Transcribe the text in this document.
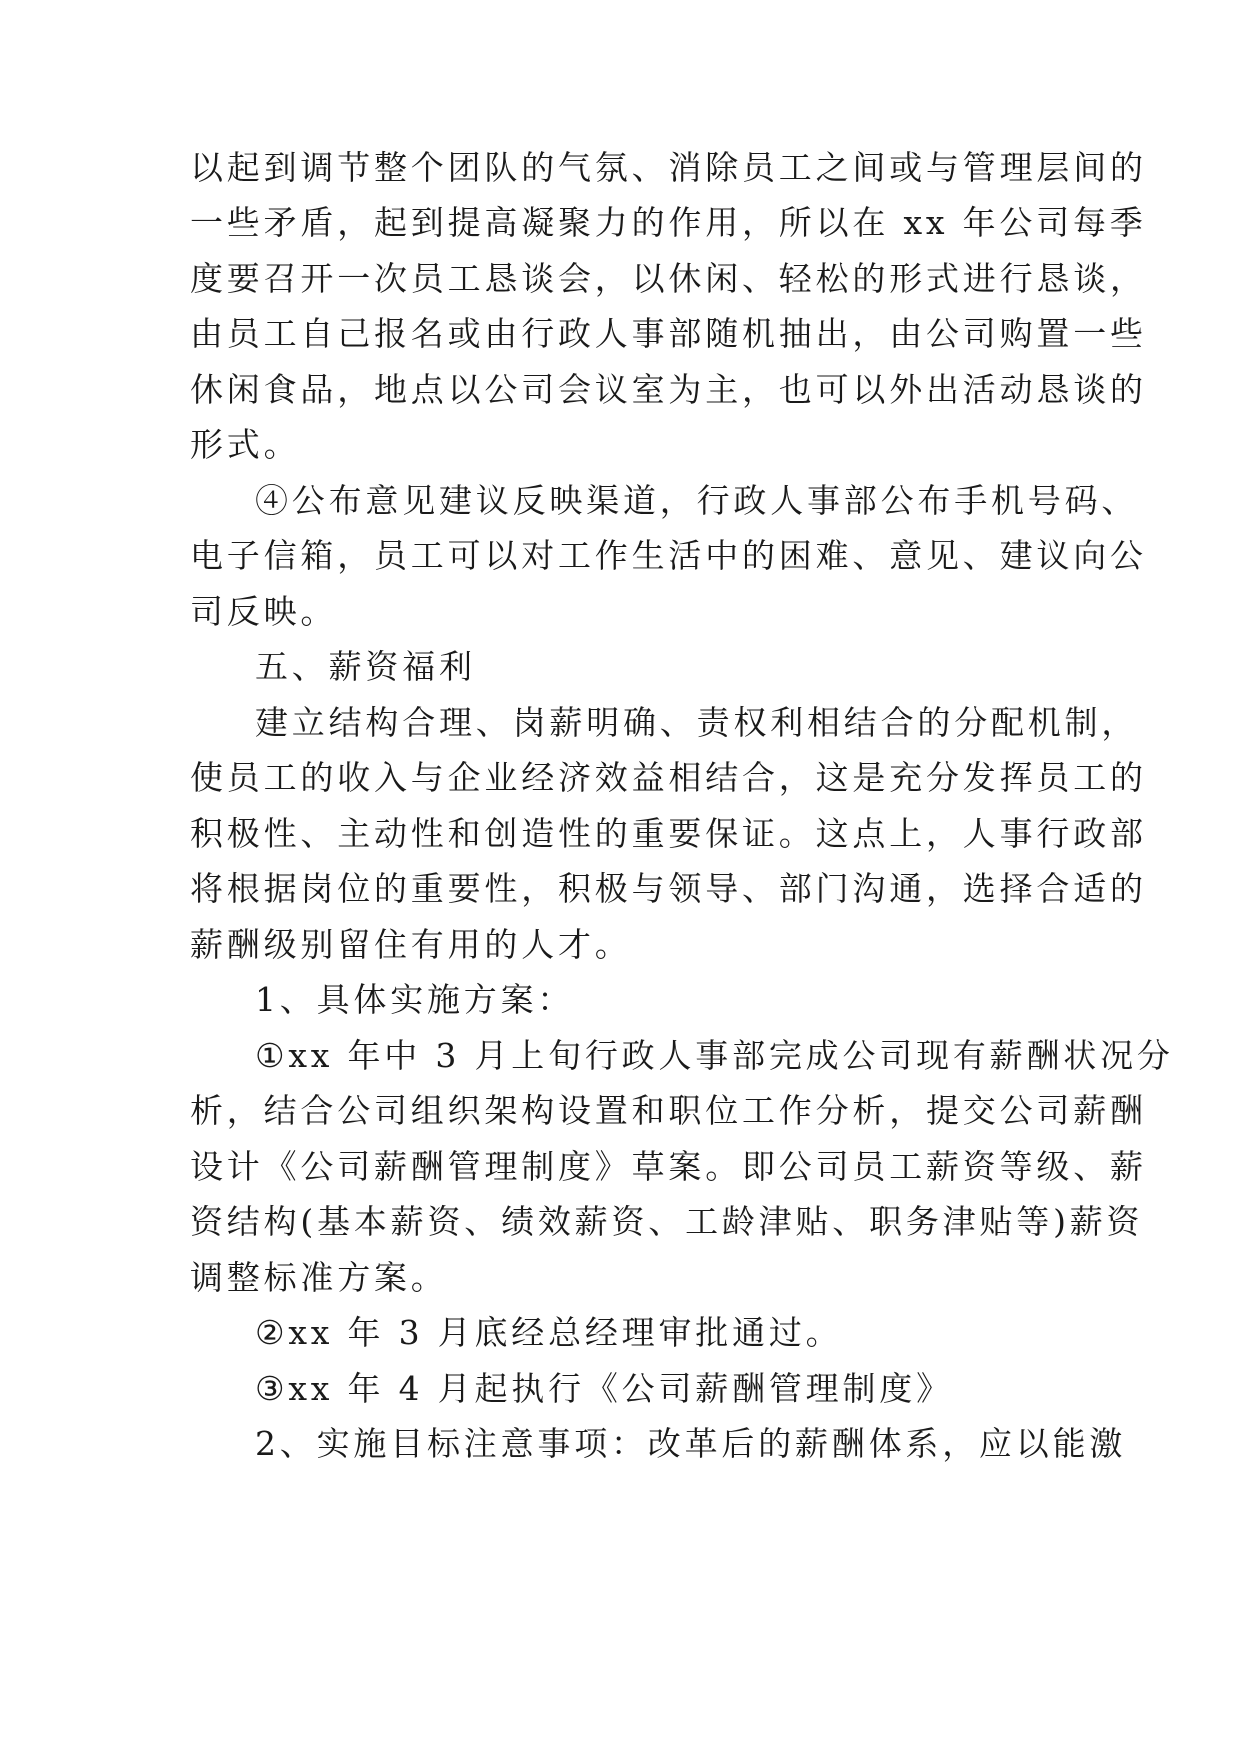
以起到调节整个团队的气氛、消除员工之间或与管理层间的
一些矛盾，起到提高凝聚力的作用，所以在 xx 年公司每季
度要召开一次员工恳谈会，以休闲、轻松的形式进行恳谈，
由员工自己报名或由行政人事部随机抽出，由公司购置一些
休闲食品，地点以公司会议室为主，也可以外出活动恳谈的
形式。
④公布意见建议反映渠道，行政人事部公布手机号码、
电子信箱，员工可以对工作生活中的困难、意见、建议向公
司反映。
五、薪资福利
建立结构合理、岗薪明确、责权利相结合的分配机制，
使员工的收入与企业经济效益相结合，这是充分发挥员工的
积极性、主动性和创造性的重要保证。这点上，人事行政部
将根据岗位的重要性，积极与领导、部门沟通，选择合适的
薪酬级别留住有用的人才。
1、具体实施方案：
①xx 年中 3 月上旬行政人事部完成公司现有薪酬状况分
析，结合公司组织架构设置和职位工作分析，提交公司薪酬
设计《公司薪酬管理制度》草案。即公司员工薪资等级、薪
资结构(基本薪资、绩效薪资、工龄津贴、职务津贴等)薪资
调整标准方案。
②xx 年 3 月底经总经理审批通过。
③xx 年 4 月起执行《公司薪酬管理制度》
2、实施目标注意事项：改革后的薪酬体系，应以能激
